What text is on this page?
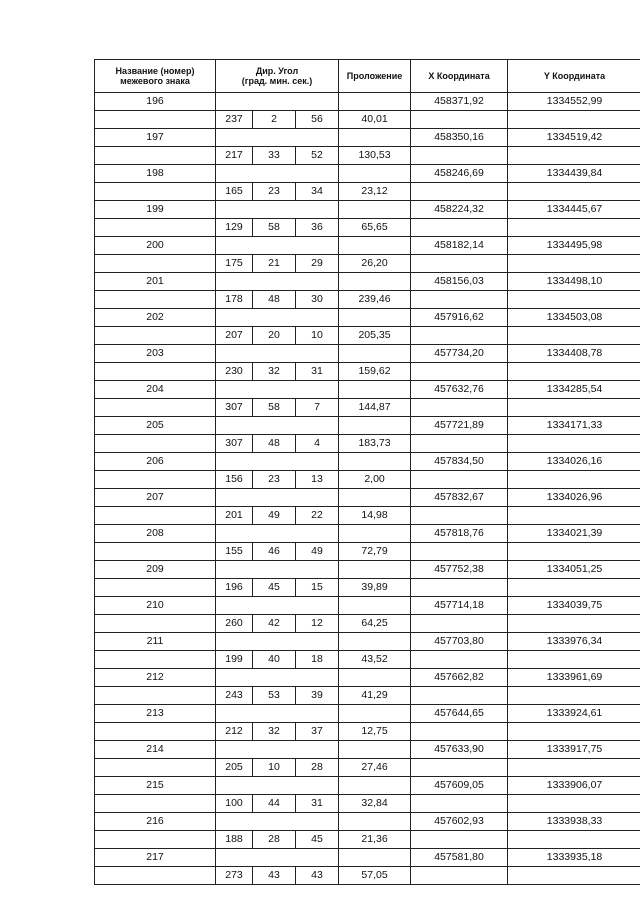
Название (номер)
межевого знака	Дир. Угол
(град. мин. сек.)			Проложение	X Координата	Y Координата
196					458371,92	1334552,99
	237	2	56	40,01		
197					458350,16	1334519,42
	217	33	52	130,53		
198					458246,69	1334439,84
	165	23	34	23,12		
199					458224,32	1334445,67
	129	58	36	65,65		
200					458182,14	1334495,98
	175	21	29	26,20		
201					458156,03	1334498,10
	178	48	30	239,46		
202					457916,62	1334503,08
	207	20	10	205,35		
203					457734,20	1334408,78
	230	32	31	159,62		
204					457632,76	1334285,54
	307	58	7	144,87		
205					457721,89	1334171,33
	307	48	4	183,73		
206					457834,50	1334026,16
	156	23	13	2,00		
207					457832,67	1334026,96
	201	49	22	14,98		
208					457818,76	1334021,39
	155	46	49	72,79		
209					457752,38	1334051,25
	196	45	15	39,89		
210					457714,18	1334039,75
	260	42	12	64,25		
211					457703,80	1333976,34
	199	40	18	43,52		
212					457662,82	1333961,69
	243	53	39	41,29		
213					457644,65	1333924,61
	212	32	37	12,75		
214					457633,90	1333917,75
	205	10	28	27,46		
215					457609,05	1333906,07
	100	44	31	32,84		
216					457602,93	1333938,33
	188	28	45	21,36		
217					457581,80	1333935,18
	273	43	43	57,05		
